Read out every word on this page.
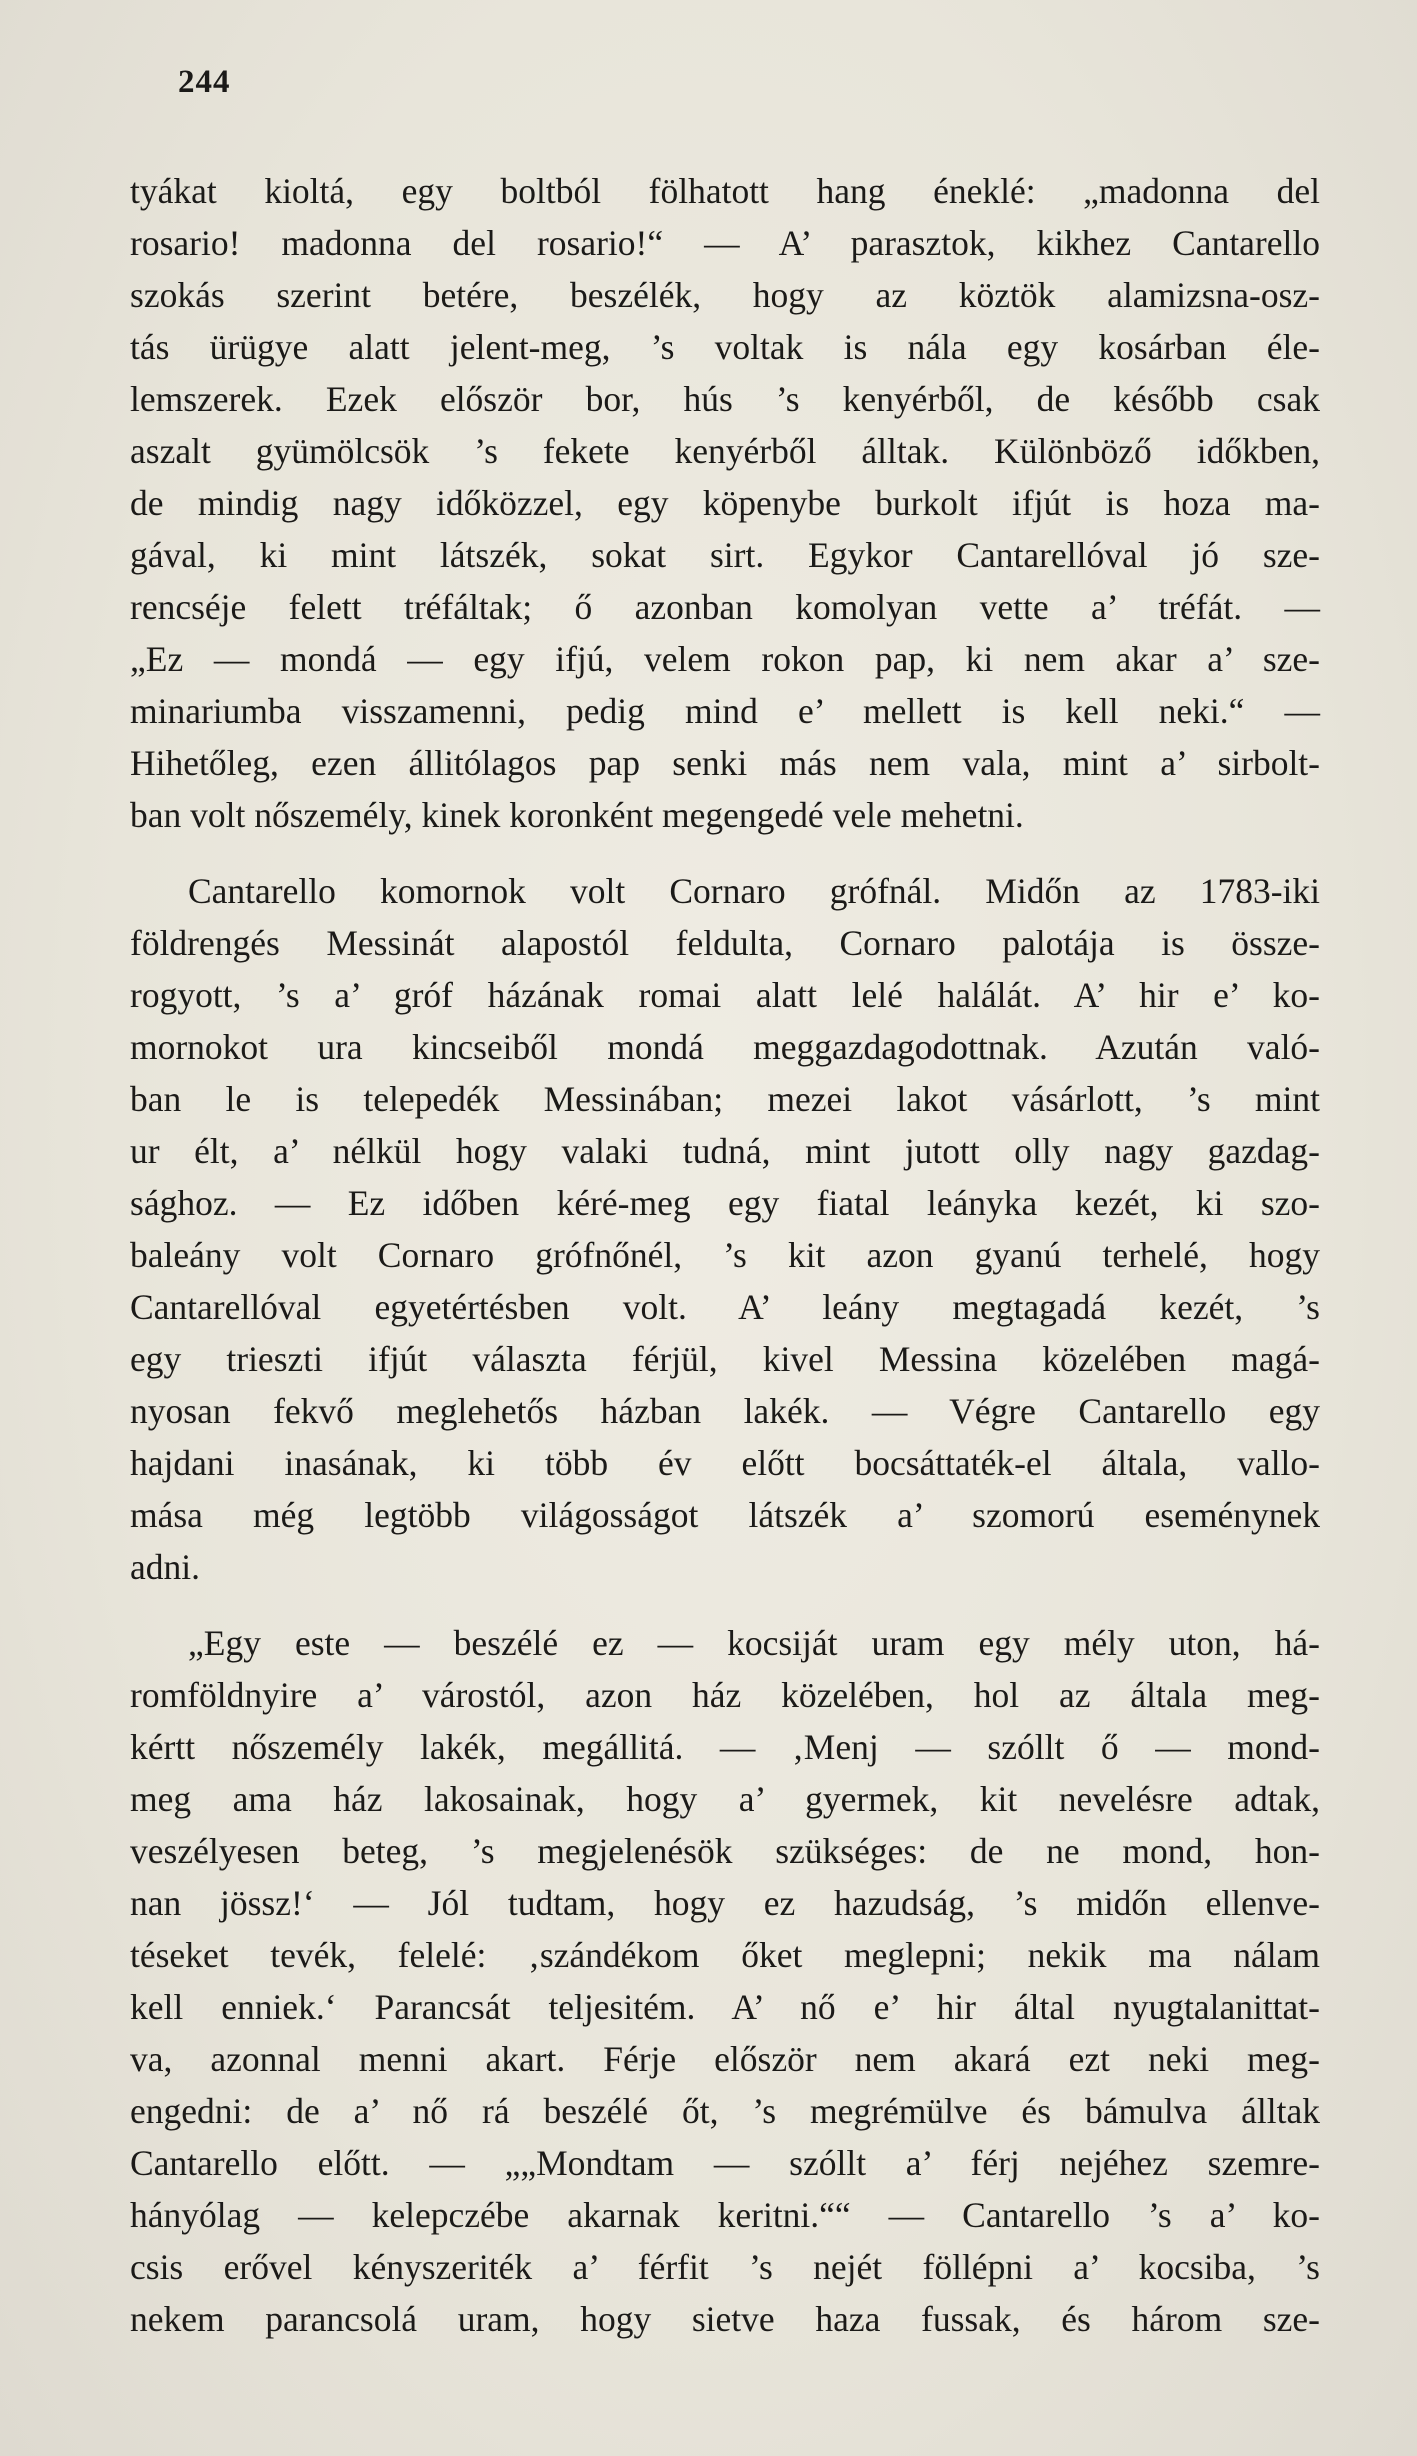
244
tyákat kioltá, egy boltból fölhatott hang éneklé: „madonna del
rosario! madonna del rosario!“ — A’ parasztok, kikhez Cantarello
szokás szerint betére, beszélék, hogy az köztök alamizsna-osz-
tás ürügye alatt jelent-meg, ’s voltak is nála egy kosárban éle-
lemszerek. Ezek először bor, hús ’s kenyérből, de később csak
aszalt gyümölcsök ’s fekete kenyérből álltak. Különböző időkben,
de mindig nagy időközzel, egy köpenybe burkolt ifjút is hoza ma-
gával, ki mint látszék, sokat sirt. Egykor Cantarellóval jó sze-
rencséje felett tréfáltak; ő azonban komolyan vette a’ tréfát. —
„Ez — mondá — egy ifjú, velem rokon pap, ki nem akar a’ sze-
minariumba visszamenni, pedig mind e’ mellett is kell neki.“ —
Hihetőleg, ezen állitólagos pap senki más nem vala, mint a’ sirbolt-
ban volt nőszemély, kinek koronként megengedé vele mehetni.
Cantarello komornok volt Cornaro grófnál. Midőn az 1783-iki
földrengés Messinát alapostól feldulta, Cornaro palotája is össze-
rogyott, ’s a’ gróf házának romai alatt lelé halálát. A’ hir e’ ko-
mornokot ura kincseiből mondá meggazdagodottnak. Azután való-
ban le is telepedék Messinában; mezei lakot vásárlott, ’s mint
ur élt, a’ nélkül hogy valaki tudná, mint jutott olly nagy gazdag-
sághoz. — Ez időben kéré-meg egy fiatal leányka kezét, ki szo-
baleány volt Cornaro grófnőnél, ’s kit azon gyanú terhelé, hogy
Cantarellóval egyetértésben volt. A’ leány megtagadá kezét, ’s
egy trieszti ifjút választa férjül, kivel Messina közelében magá-
nyosan fekvő meglehetős házban lakék. — Végre Cantarello egy
hajdani inasának, ki több év előtt bocsáttaték-el általa, vallo-
mása még legtöbb világosságot látszék a’ szomorú eseménynek
adni.
„Egy este — beszélé ez — kocsiját uram egy mély uton, há-
romföldnyire a’ várostól, azon ház közelében, hol az általa meg-
kértt nőszemély lakék, megállitá. — ‚Menj — szóllt ő — mond-
meg ama ház lakosainak, hogy a’ gyermek, kit nevelésre adtak,
veszélyesen beteg, ’s megjelenésök szükséges: de ne mond, hon-
nan jössz!‘ — Jól tudtam, hogy ez hazudság, ’s midőn ellenve-
téseket tevék, felelé: ‚szándékom őket meglepni; nekik ma nálam
kell enniek.‘ Parancsát teljesitém. A’ nő e’ hir által nyugtalanittat-
va, azonnal menni akart. Férje először nem akará ezt neki meg-
engedni: de a’ nő rá beszélé őt, ’s megrémülve és bámulva álltak
Cantarello előtt. — „„Mondtam — szóllt a’ férj nejéhez szemre-
hányólag — kelepczébe akarnak keritni.““ — Cantarello ’s a’ ko-
csis erővel kényszeriték a’ férfit ’s nejét föllépni a’ kocsiba, ’s
nekem parancsolá uram, hogy sietve haza fussak, és három sze-
